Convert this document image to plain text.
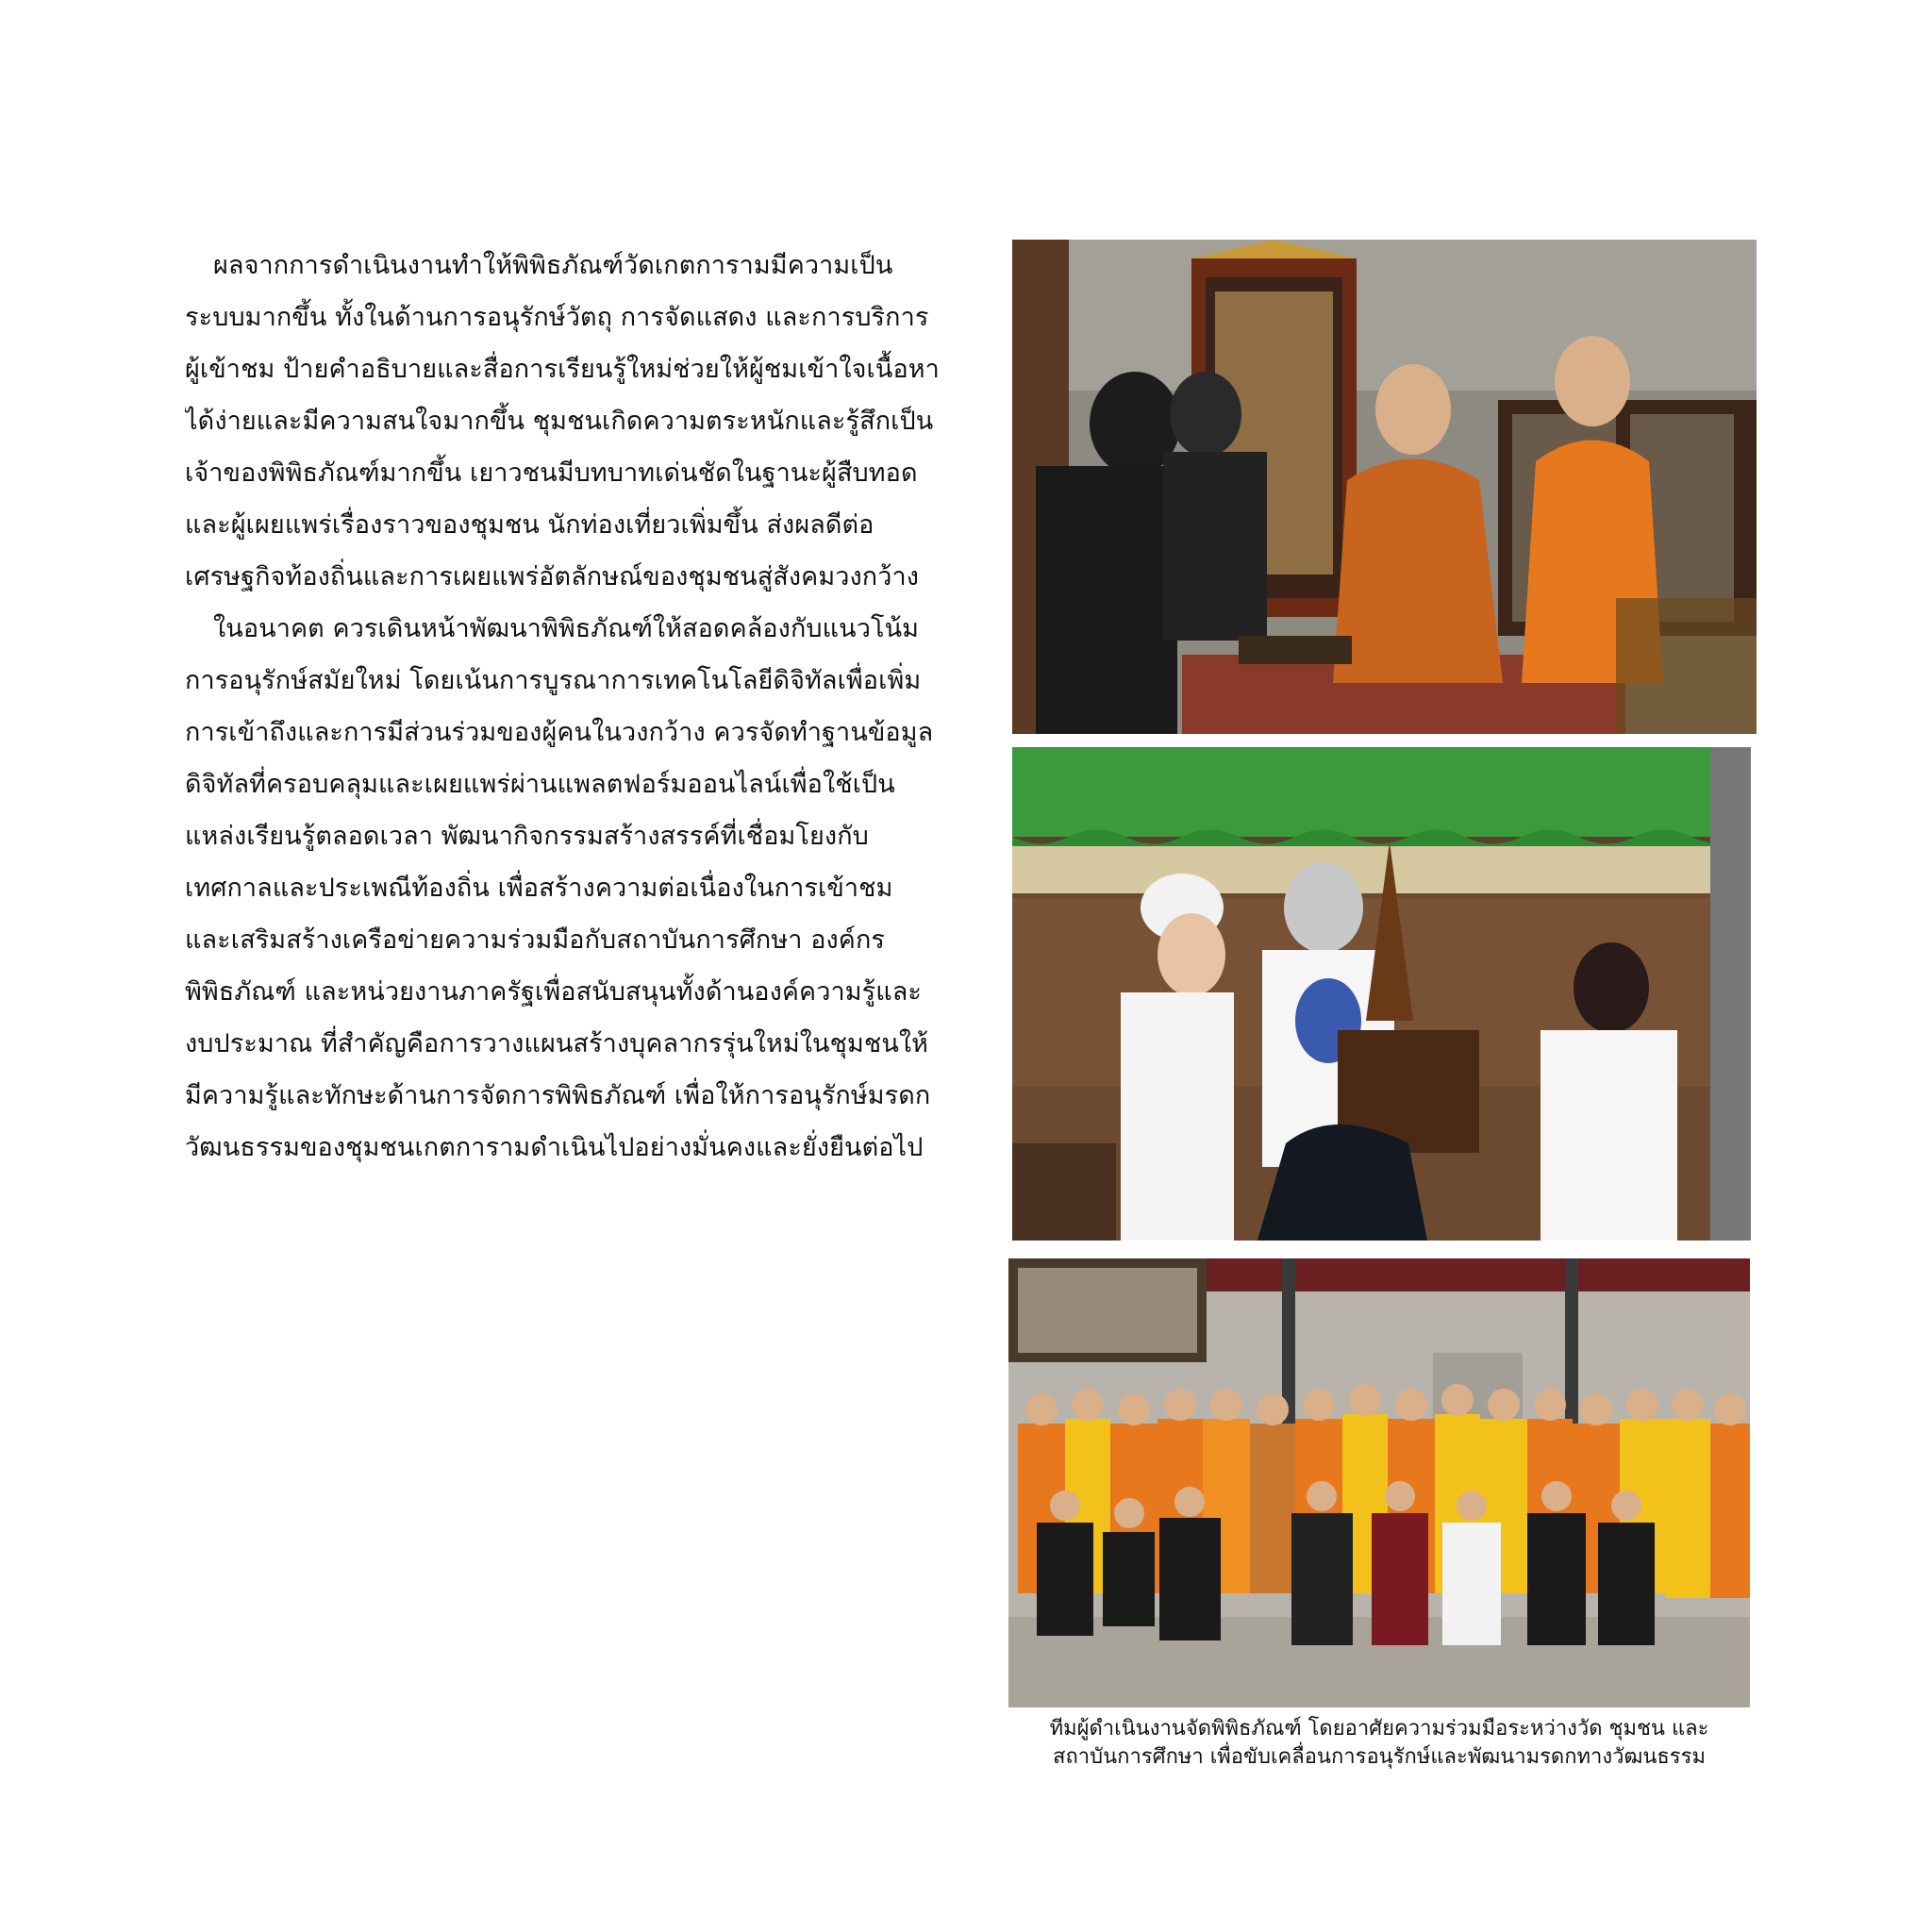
ผลจากการดำเนินงานทำให้พิพิธภัณฑ์วัดเกตการามมีความเป็น
ระบบมากขึ้น ทั้งในด้านการอนุรักษ์วัตถุ การจัดแสดง และการบริการ
ผู้เข้าชม ป้ายคำอธิบายและสื่อการเรียนรู้ใหม่ช่วยให้ผู้ชมเข้าใจเนื้อหา
ได้ง่ายและมีความสนใจมากขึ้น ชุมชนเกิดความตระหนักและรู้สึกเป็น
เจ้าของพิพิธภัณฑ์มากขึ้น เยาวชนมีบทบาทเด่นชัดในฐานะผู้สืบทอด
และผู้เผยแพร่เรื่องราวของชุมชน นักท่องเที่ยวเพิ่มขึ้น ส่งผลดีต่อ
เศรษฐกิจท้องถิ่นและการเผยแพร่อัตลักษณ์ของชุมชนสู่สังคมวงกว้าง
ในอนาคต ควรเดินหน้าพัฒนาพิพิธภัณฑ์ให้สอดคล้องกับแนวโน้ม
การอนุรักษ์สมัยใหม่ โดยเน้นการบูรณาการเทคโนโลยีดิจิทัลเพื่อเพิ่ม
การเข้าถึงและการมีส่วนร่วมของผู้คนในวงกว้าง ควรจัดทำฐานข้อมูล
ดิจิทัลที่ครอบคลุมและเผยแพร่ผ่านแพลตฟอร์มออนไลน์เพื่อใช้เป็น
แหล่งเรียนรู้ตลอดเวลา พัฒนากิจกรรมสร้างสรรค์ที่เชื่อมโยงกับ
เทศกาลและประเพณีท้องถิ่น เพื่อสร้างความต่อเนื่องในการเข้าชม
และเสริมสร้างเครือข่ายความร่วมมือกับสถาบันการศึกษา องค์กร
พิพิธภัณฑ์ และหน่วยงานภาครัฐเพื่อสนับสนุนทั้งด้านองค์ความรู้และ
งบประมาณ ที่สำคัญคือการวางแผนสร้างบุคลากรรุ่นใหม่ในชุมชนให้
มีความรู้และทักษะด้านการจัดการพิพิธภัณฑ์ เพื่อให้การอนุรักษ์มรดก
วัฒนธรรมของชุมชนเกตการามดำเนินไปอย่างมั่นคงและยั่งยืนต่อไป
ทีมผู้ดำเนินงานจัดพิพิธภัณฑ์ โดยอาศัยความร่วมมือระหว่างวัด ชุมชน และ
สถาบันการศึกษา เพื่อขับเคลื่อนการอนุรักษ์และพัฒนามรดกทางวัฒนธรรม
